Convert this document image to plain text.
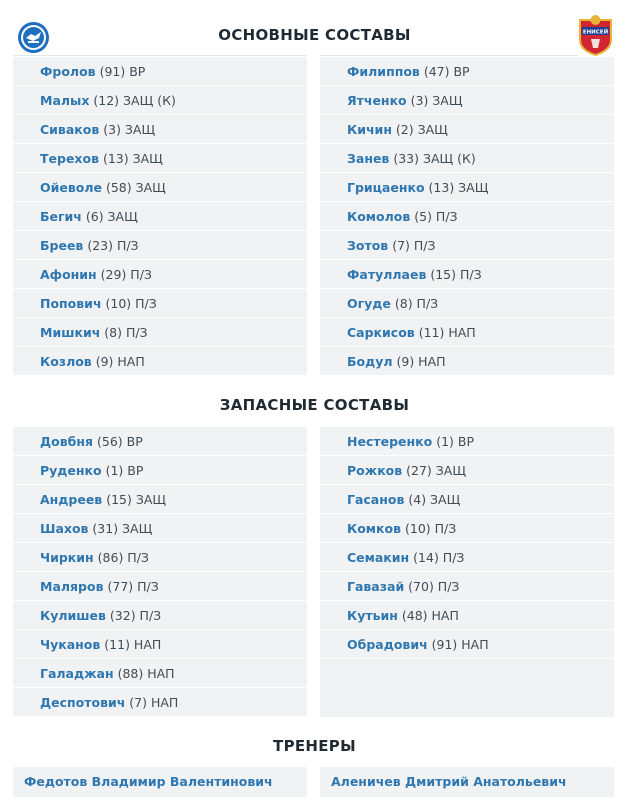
ОСНОВНЫЕ СОСТАВЫ	ЕНИСЕЙ
Фролов (91) ВР
Малых (12) ЗАЩ (К)
Сиваков (3) ЗАЩ
Терехов (13) ЗАЩ
Ойеволе (58) ЗАЩ
Бегич (6) ЗАЩ
Бреев (23) П/З
Афонин (29) П/З
Попович (10) П/З
Мишкич (8) П/З
Козлов (9) НАП
Филиппов (47) ВР
Ятченко (3) ЗАЩ
Кичин (2) ЗАЩ
Занев (33) ЗАЩ (К)
Грицаенко (13) ЗАЩ
Комолов (5) П/З
Зотов (7) П/З
Фатуллаев (15) П/З
Огуде (8) П/З
Саркисов (11) НАП
Бодул (9) НАП
ЗАПАСНЫЕ СОСТАВЫ
Довбня (56) ВР
Руденко (1) ВР
Андреев (15) ЗАЩ
Шахов (31) ЗАЩ
Чиркин (86) П/З
Маляров (77) П/З
Кулишев (32) П/З
Чуканов (11) НАП
Галаджан (88) НАП
Деспотович (7) НАП
Нестеренко (1) ВР
Рожков (27) ЗАЩ
Гасанов (4) ЗАЩ
Комков (10) П/З
Семакин (14) П/З
Гавазай (70) П/З
Кутьин (48) НАП
Обрадович (91) НАП
ТРЕНЕРЫ
Федотов Владимир Валентинович	Аленичев Дмитрий Анатольевич
